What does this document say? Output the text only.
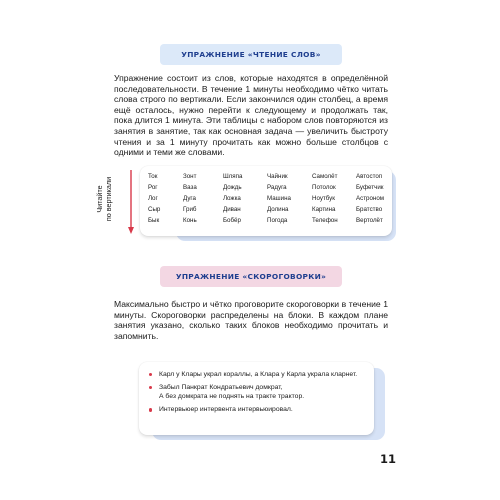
УПРАЖНЕНИЕ «ЧТЕНИЕ СЛОВ»

Упражнение состоит из слов, которые находятся в определённой последовательности. В течение 1 минуты необходимо чётко читать слова строго по вертикали. Если закончился один столбец, а время ещё осталось, нужно перейти к следующему и продолжать так, пока длится 1 минута. Эти таблицы с набором слов повторяются из занятия в занятие, так как основная задача — увеличить быстроту чтения и за 1 минуту прочитать как можно больше столбцов с одними и теми же словами.

Читайте по вертикали
Ток	Зонт	Шляпа	Чайник	Самолёт	Автостоп
Рог	Ваза	Дождь	Радуга	Потолок	Буфетчик
Лог	Дуга	Ложка	Машина	Ноутбук	Астроном
Сыр	Гриб	Диван	Долина	Картина	Братство
Бык	Конь	Бобёр	Погода	Телефон	Вертолёт
УПРАЖНЕНИЕ «СКОРОГОВОРКИ»

Максимально быстро и чётко проговорите скороговорки в течение 1 минуты. Скороговорки распределены на блоки. В каждом плане занятия указано, сколько таких блоков необходимо прочитать и запомнить.

Карл у Клары украл кораллы, а Клара у Карла украла кларнет.
Забыл Панкрат Кондратьевич домкрат,
А без домкрата не поднять на тракте трактор.
Интервьюер интервента интервьюировал.
11
